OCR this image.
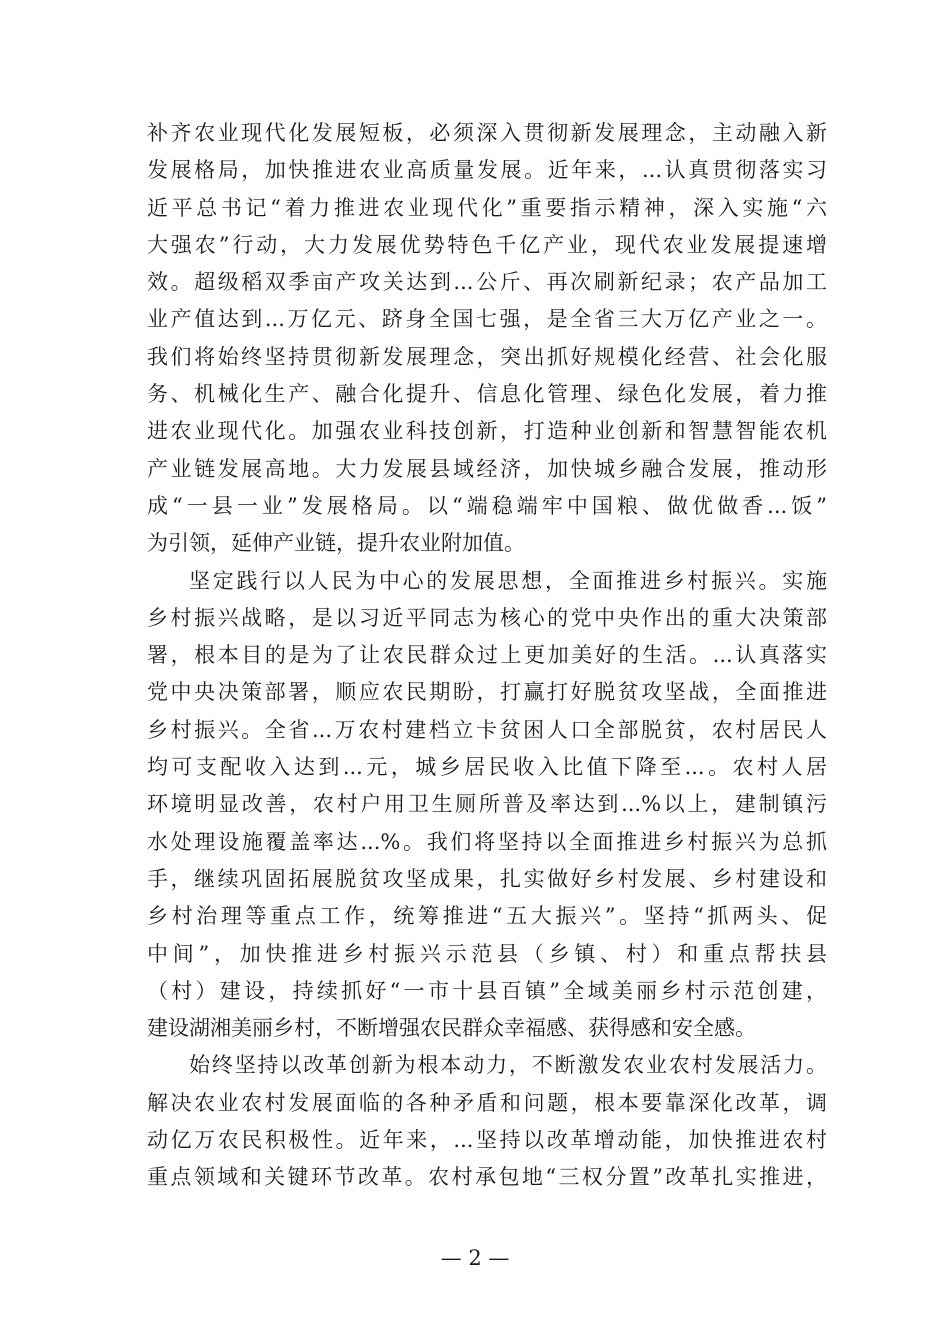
补齐农业现代化发展短板，必须深入贯彻新发展理念，主动融入新
发展格局，加快推进农业高质量发展。近年来，...认真贯彻落实习
近平总书记“着力推进农业现代化”重要指示精神，深入实施“六
大强农”行动，大力发展优势特色千亿产业，现代农业发展提速增
效。超级稻双季亩产攻关达到...公斤、再次刷新纪录；农产品加工
业产值达到...万亿元、跻身全国七强，是全省三大万亿产业之一。
我们将始终坚持贯彻新发展理念，突出抓好规模化经营、社会化服
务、机械化生产、融合化提升、信息化管理、绿色化发展，着力推
进农业现代化。加强农业科技创新，打造种业创新和智慧智能农机
产业链发展高地。大力发展县域经济，加快城乡融合发展，推动形
成“一县一业”发展格局。以“端稳端牢中国粮、做优做香...饭”
为引领，延伸产业链，提升农业附加值。
坚定践行以人民为中心的发展思想，全面推进乡村振兴。实施
乡村振兴战略，是以习近平同志为核心的党中央作出的重大决策部
署，根本目的是为了让农民群众过上更加美好的生活。...认真落实
党中央决策部署，顺应农民期盼，打赢打好脱贫攻坚战，全面推进
乡村振兴。全省...万农村建档立卡贫困人口全部脱贫，农村居民人
均可支配收入达到...元，城乡居民收入比值下降至...。农村人居
环境明显改善，农村户用卫生厕所普及率达到...%以上，建制镇污
水处理设施覆盖率达...%。我们将坚持以全面推进乡村振兴为总抓
手，继续巩固拓展脱贫攻坚成果，扎实做好乡村发展、乡村建设和
乡村治理等重点工作，统筹推进“五大振兴”。坚持“抓两头、促
中间”，加快推进乡村振兴示范县（乡镇、村）和重点帮扶县
（村）建设，持续抓好“一市十县百镇”全域美丽乡村示范创建，
建设湖湘美丽乡村，不断增强农民群众幸福感、获得感和安全感。
始终坚持以改革创新为根本动力，不断激发农业农村发展活力。
解决农业农村发展面临的各种矛盾和问题，根本要靠深化改革，调
动亿万农民积极性。近年来，...坚持以改革增动能，加快推进农村
重点领域和关键环节改革。农村承包地“三权分置”改革扎实推进，
— 2 —
